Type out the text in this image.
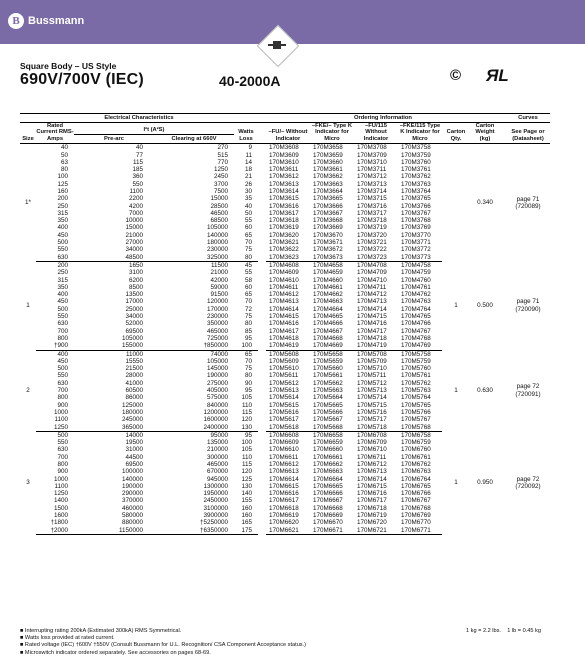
B Bussmann
Square Body – US Style
690V/700V (IEC)	40-2000A	© ЯL
Electrical Characteristics						Ordering Information							Curves
Size	Rated Current RMS-Amps	I²t (A²S)
Pre-arc Clearing at 660V		Watts Loss		–FU/– Without Indicator	–FKE/– Type K Indicator for Micro	–FU/115 Without Indicator	–FKE/115 Type K Indicator for Micro	Carton Qty.	Carton Weight (kg)		See Page or (Datasheet)
1*	40	40	270	9		170M3608	170M3658	170M3708	170M3758		0.340		page 71
(720089)

	50	77	515	11		170M3609	170M3659	170M3709	170M3759				
	63	115	770	14		170M3610	170M3660	170M3710	170M3760				
	80	185	1250	18		170M3611	170M3661	170M3711	170M3761				
	100	360	2450	21		170M3612	170M3662	170M3712	170M3762				
	125	550	3700	26		170M3613	170M3663	170M3713	170M3763				
	160	1100	7500	30		170M3614	170M3664	170M3714	170M3764				
	200	2200	15000	35		170M3615	170M3665	170M3715	170M3765				
	250	4200	28500	40		170M3616	170M3666	170M3716	170M3766				
	315	7000	46500	50		170M3617	170M3667	170M3717	170M3767				
	350	10000	68500	55		170M3618	170M3668	170M3718	170M3768				
	400	15000	105000	60		170M3619	170M3669	170M3719	170M3769				
	450	21000	140000	65		170M3620	170M3670	170M3720	170M3770				
	500	27000	180000	70		170M3621	170M3671	170M3721	170M3771				
	550	34000	230000	75		170M3622	170M3672	170M3722	170M3772				
	630	48500	325000	80		170M3623	170M3673	170M3723	170M3773				
1	200	1650	11500	45		170M4608	170M4658	170M4708	170M4758	1	0.500		page 71
(720090)

	250	3100	21000	55		170M4609	170M4659	170M4709	170M4759				
	315	6200	42000	58		170M4610	170M4660	170M4710	170M4760				
	350	8500	59000	60		170M4611	170M4661	170M4711	170M4761				
	400	13500	91500	65		170M4612	170M4662	170M4712	170M4762				
	450	17000	120000	70		170M4613	170M4663	170M4713	170M4763				
	500	25000	170000	72		170M4614	170M4664	170M4714	170M4764				
	550	34000	230000	75		170M4615	170M4665	170M4715	170M4765				
	630	52000	350000	80		170M4616	170M4666	170M4716	170M4766				
	700	69500	465000	85		170M4617	170M4667	170M4717	170M4767				
	800	105000	725000	95		170M4618	170M4668	170M4718	170M4768				
	†900	155000	†850000	100		170M4619	170M4669	170M4719	170M4769				
2	400	11000	74000	65		170M5608	170M5658	170M5708	170M5758	1	0.630		page 72
(720091)

	450	15550	105000	70		170M5609	170M5659	170M5709	170M5759				
	500	21500	145000	75		170M5610	170M5660	170M5710	170M5760				
	550	28000	190000	80		170M5611	170M5661	170M5711	170M5761				
	630	41000	275000	90		170M5612	170M5662	170M5712	170M5762				
	700	60500	405000	95		170M5613	170M5663	170M5713	170M5763				
	800	86000	575000	105		170M5614	170M5664	170M5714	170M5764				
	900	125000	840000	110		170M5615	170M5665	170M5715	170M5765				
	1000	180000	1200000	115		170M5616	170M5666	170M5716	170M5766				
	1100	245000	1600000	120		170M5617	170M5667	170M5717	170M5767				
	1250	365000	2400000	130		170M5618	170M5668	170M5718	170M5768				
3	500	14000	95000	95		170M6608	170M6658	170M6708	170M6758	1	0.950		page 72
(720092)

	550	19500	135000	100		170M6609	170M6659	170M6709	170M6759				
	630	31000	210000	105		170M6610	170M6660	170M6710	170M6760				
	700	44500	300000	110		170M6611	170M6661	170M6711	170M6761				
	800	69500	465000	115		170M6612	170M6662	170M6712	170M6762				
	900	100000	670000	120		170M6613	170M6663	170M6713	170M6763				
	1000	140000	945000	125		170M6614	170M6664	170M6714	170M6764				
	1100	190000	1300000	130		170M6615	170M6665	170M6715	170M6765				
	1250	290000	1950000	140		170M6616	170M6666	170M6716	170M6766				
	1400	370000	2450000	155		170M6617	170M6667	170M6717	170M6767				
	1500	460000	3100000	160		170M6618	170M6668	170M6718	170M6768				
	1600	580000	3900000	160		170M6619	170M6669	170M6719	170M6769				
	†1800	880000	†5250000	165		170M6620	170M6670	170M6720	170M6770				
	†2000	1150000	†6350000	175		170M6621	170M6671	170M6721	170M6771				
■ Interrupting rating 200kA (Estimated 300kA) RMS Symmetrical.
■ Watts loss provided at rated current.
■ Rated voltage (IEC) †600V †550V (Consult Bussmann for U.L. Recognition/ CSA Component Acceptance status.)
■ Microswitch indicator ordered separately. See accessories on pages 68-69.
1 kg = 2.2 lbs. 1 lb = 0.45 kg
